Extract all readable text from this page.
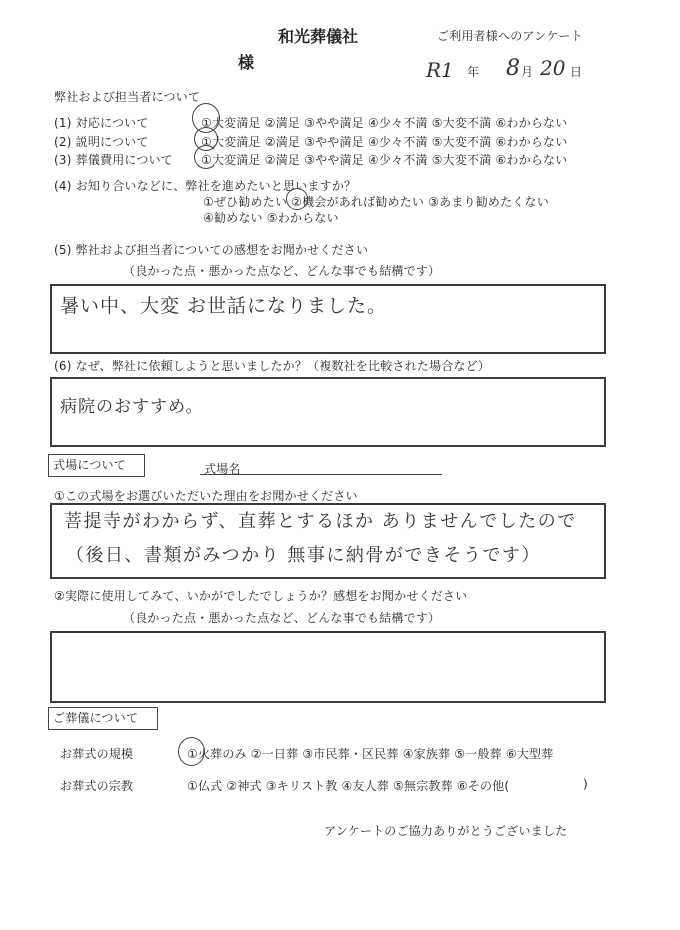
和光葬儀社	ご利用者様へのアンケート
様	R1 年 8 月 20 日
弊社および担当者について
(1) 対応について	①大変満足 ②満足 ③やや満足 ④少々不満 ⑤大変不満 ⑥わからない
(2) 説明について	①大変満足 ②満足 ③やや満足 ④少々不満 ⑤大変不満 ⑥わからない
(3) 葬儀費用について ①大変満足 ②満足 ③やや満足 ④少々不満 ⑤大変不満 ⑥わからない
(4) お知り合いなどに、弊社を進めたいと思いますか？
①ぜひ勧めたい ②機会があれば勧めたい ③あまり勧めたくない
④勧めない ⑤わからない
(5) 弊社および担当者についての感想をお聞かせください
（良かった点・悪かった点など、どんな事でも結構です）
暑い中、大変 お世話になりました。
(6) なぜ、弊社に依頼しようと思いましたか？（複数社を比較された場合など）
病院のおすすめ。
式場について	式場名
①この式場をお選びいただいた理由をお聞かせください
菩提寺がわからず、直葬とするほか ありませんでしたので
（後日、書類がみつかり 無事に納骨ができそうです）
②実際に使用してみて、いかがでしたでしょうか？感想をお聞かせください
（良かった点・悪かった点など、どんな事でも結構です）
ご葬儀について
お葬式の規模	①火葬のみ ②一日葬 ③市民葬・区民葬 ④家族葬 ⑤一般葬 ⑥大型葬
お葬式の宗教	①仏式 ②神式 ③キリスト教 ④友人葬 ⑤無宗教葬 ⑥その他(	)
アンケートのご協力ありがとうございました
